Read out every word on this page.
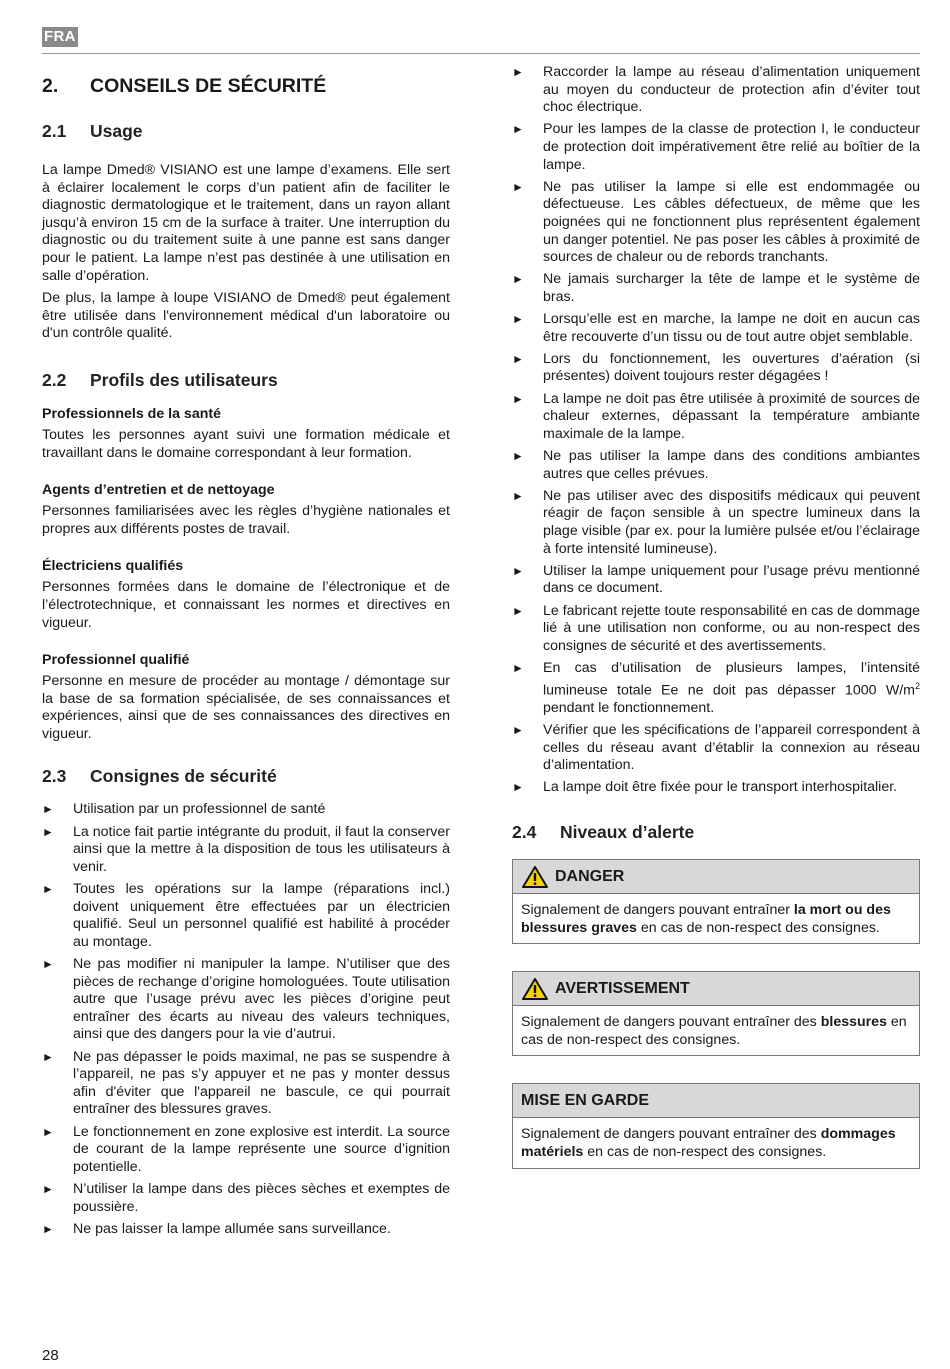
FRA
2.	CONSEILS DE SÉCURITÉ
2.1	Usage

La lampe Dmed® VISIANO est une lampe d’examens. Elle sert à éclairer localement le corps d’un patient afin de faciliter le diagnostic dermatologique et le traitement, dans un rayon allant jusqu’à environ 15 cm de la surface à traiter. Une interruption du diagnostic ou du traitement suite à une panne est sans danger pour le patient. La lampe n’est pas destinée à une utilisation en salle d’opération.

De plus, la lampe à loupe VISIANO de Dmed® peut également être utilisée dans l'environnement médical d'un laboratoire ou d'un contrôle qualité.

2.2	Profils des utilisateurs
Professionnels de la santé

Toutes les personnes ayant suivi une formation médicale et travaillant dans le domaine correspondant à leur formation.

Agents d’entretien et de nettoyage

Personnes familiarisées avec les règles d’hygiène nationales et propres aux différents postes de travail.

Électriciens qualifiés

Personnes formées dans le domaine de l’électronique et de l’électrotechnique, et connaissant les normes et directives en vigueur.

Professionnel qualifié

Personne en mesure de procéder au montage / démontage sur la base de sa formation spécialisée, de ses connaissances et expériences, ainsi que de ses connaissances des directives en vigueur.

2.3	Consignes de sécurité
► Utilisation par un professionnel de santé
► La notice fait partie intégrante du produit, il faut la conserver ainsi que la mettre à la disposition de tous les utilisateurs à venir.
► Toutes les opérations sur la lampe (réparations incl.) doivent uniquement être effectuées par un électricien qualifié. Seul un personnel qualifié est habilité à procéder au montage.
► Ne pas modifier ni manipuler la lampe. N’utiliser que des pièces de rechange d’origine homologuées. Toute utilisation autre que l’usage prévu avec les pièces d’origine peut entraîner des écarts au niveau des valeurs techniques, ainsi que des dangers pour la vie d’autrui.
► Ne pas dépasser le poids maximal, ne pas se suspendre à l’appareil, ne pas s’y appuyer et ne pas y monter dessus afin d'éviter que l'appareil ne bascule, ce qui pourrait entraîner des blessures graves.
► Le fonctionnement en zone explosive est interdit. La source de courant de la lampe représente une source d’ignition potentielle.
► N’utiliser la lampe dans des pièces sèches et exemptes de poussière.
► Ne pas laisser la lampe allumée sans surveillance.
► Raccorder la lampe au réseau d’alimentation uniquement au moyen du conducteur de protection afin d’éviter tout choc électrique.
► Pour les lampes de la classe de protection I, le conducteur de protection doit impérativement être relié au boîtier de la lampe.
► Ne pas utiliser la lampe si elle est endommagée ou défectueuse. Les câbles défectueux, de même que les poignées qui ne fonctionnent plus représentent également un danger potentiel. Ne pas poser les câbles à proximité de sources de chaleur ou de rebords tranchants.
► Ne jamais surcharger la tête de lampe et le système de bras.
► Lorsqu’elle est en marche, la lampe ne doit en aucun cas être recouverte d’un tissu ou de tout autre objet semblable.
► Lors du fonctionnement, les ouvertures d’aération (si présentes) doivent toujours rester dégagées !
► La lampe ne doit pas être utilisée à proximité de sources de chaleur externes, dépassant la température ambiante maximale de la lampe.
► Ne pas utiliser la lampe dans des conditions ambiantes autres que celles prévues.
► Ne pas utiliser avec des dispositifs médicaux qui peuvent réagir de façon sensible à un spectre lumineux dans la plage visible (par ex. pour la lumière pulsée et/ou l’éclairage à forte intensité lumineuse).
► Utiliser la lampe uniquement pour l’usage prévu mentionné dans ce document.
► Le fabricant rejette toute responsabilité en cas de dommage lié à une utilisation non conforme, ou au non-respect des consignes de sécurité et des avertissements.
► En cas d’utilisation de plusieurs lampes, l’intensité lumineuse totale Ee ne doit pas dépasser 1000 $W/m^2$ pendant le fonctionnement.
► Vérifier que les spécifications de l’appareil correspondent à celles du réseau avant d’établir la connexion au réseau d’alimentation.
► La lampe doit être fixée pour le transport interhospitalier.
2.4	Niveaux d’alerte
DANGER
Signalement de dangers pouvant entraîner la mort ou des blessures graves en cas de non-respect des consignes.
AVERTISSEMENT
Signalement de dangers pouvant entraîner des blessures en cas de non-respect des consignes.
MISE EN GARDE
Signalement de dangers pouvant entraîner des dommages matériels en cas de non-respect des consignes.
28
